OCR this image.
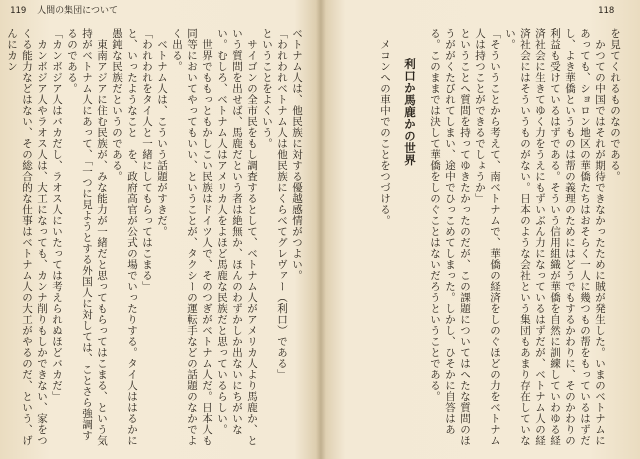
119 人間の集団について	118

ベトナム人は、他民族に対する優越感情がつよい。

「われわれベトナム人は他民族にくらべてグレヴァー（利口）である」

ということをよくいう。

サイゴンの全市民をもし調査するとして、ベトナム人がアメリカ人より馬鹿か、という質問を出せば、馬鹿だという者は絶無か、ほんのわずかしか出ないにちがいない。むしろ、ベトナム人はアメリカ人をよほど馬鹿な民族だと思っているらしい。

世界でももっともかしこい民族はドイツ人で、そのつぎがベトナム人だ。日本人も同等においてやってもいい、ということが、タクシーの運転手などの話題のなかでよく出る。

ベトナム人は、こういう話題がすきだ。

「われわれをタイ人と一緒にしてもらってはこまる」

と、いったようなこと　を、政府高官が公式の場でいったりする。タイ人ははるかに愚鈍な民族だというのである。

東南アジアに住む民族が、みな能力が一緒だと思ってもらってはこまる、という気持がベトナム人にあって、「一つに見ようとする外国人に対しては、ことさら強調するのである。

「カンボジア人はバカだし、ラオス人にいたっては考えられぬほどバカだ」

カンボジア人やラオス人は、大工になっても、カンナ削りもしかできない、家をつくる能力などはない、その総合的な仕事はベトナム人の大工がやるのだ、という、げんにカン	を見てくれるものなのである。

かつての中国ではそれが期待できなかったために賊が発生した。いまのベトナムにあっても、ショロン地区の華僑たちはおそらく一人に幾つもの帮をもっているはずだし、よき華僑というものは帮の義理のためにはどうでもするかわりに、そのかわりの利益も受けているはずである。そういう信用組織が華僑を自然に訓練していわゆる経済社会に生きてゆく力をうえにもずいぶん力になっているはずだが、ベトナム人の経済社会にはそういうものがない。日本のような会社という集団もあまり存在していない。

「そういうことから考えて、南ベトナムで、華僑の経済をしのぐほどの力をベトナム人は持つことができるでしょうか」

ということへ質問を持ってゆきたかったのだが、この課題についてはへたな質問のほうががくたびれてしまい、途中でひっこめてしまった。しかし、ひそかに自答はある。このままでは決して華僑をしのぐことはないだろうということである。

利口か馬鹿かの世界

メコンへの車中でのことをつづける。
